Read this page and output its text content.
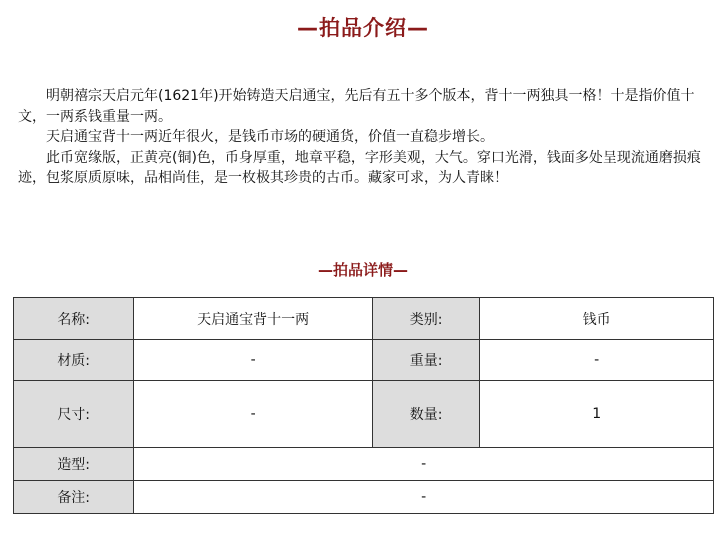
—拍品介绍—

明朝禧宗天启元年(1621年)开始铸造天启通宝，先后有五十多个版本，背十一两独具一格！十是指价值十文，一两系钱重量一两。

天启通宝背十一两近年很火，是钱币市场的硬通货，价值一直稳步增长。

此币宽缘版，正黄亮(铜)色，币身厚重，地章平稳，字形美观，大气。穿口光滑，钱面多处呈现流通磨损痕迹，包浆原质原味，品相尚佳，是一枚极其珍贵的古币。藏家可求，为人青睐！

—拍品详情—
名称:	天启通宝背十一两	类别:	钱币
材质:	-	重量:	-
尺寸:	-	数量:	1
造型:	-		
备注:	-		
